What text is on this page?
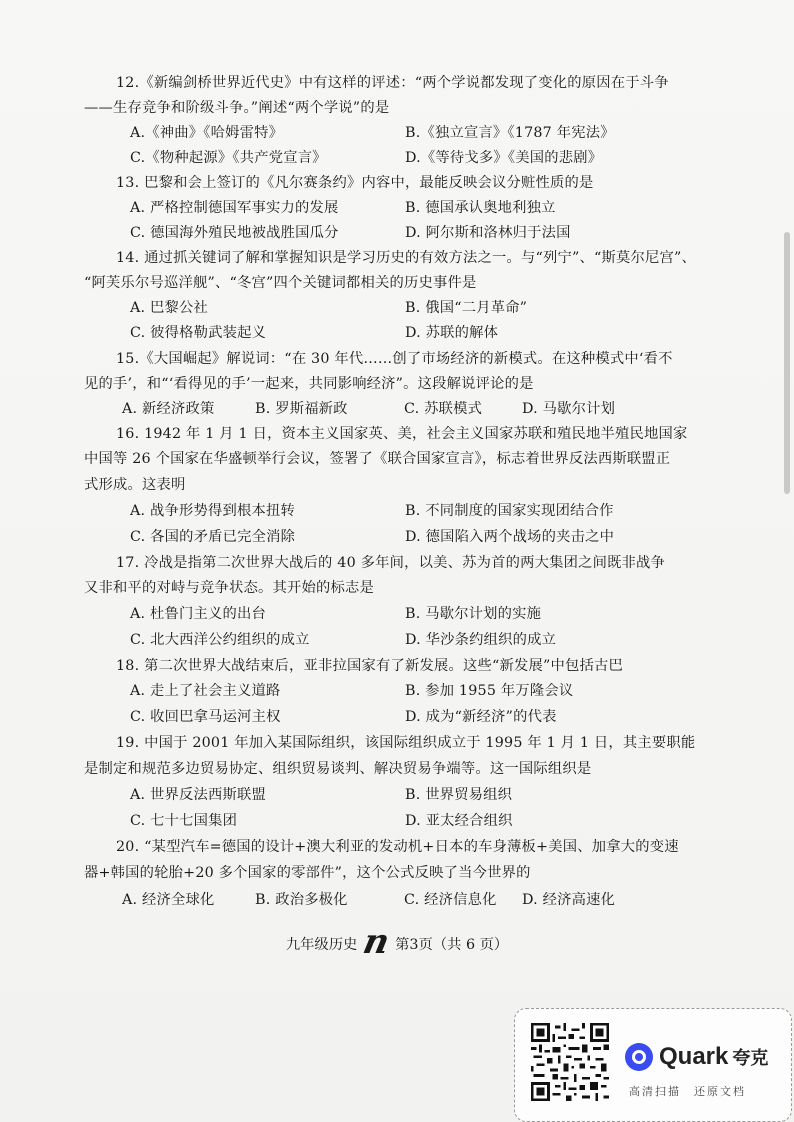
12.《新编剑桥世界近代史》中有这样的评述：“两个学说都发现了变化的原因在于斗争
——生存竞争和阶级斗争。”阐述“两个学说”的是
A.《神曲》《哈姆雷特》	B.《独立宣言》《1787 年宪法》
C.《物种起源》《共产党宣言》	D.《等待戈多》《美国的悲剧》
13. 巴黎和会上签订的《凡尔赛条约》内容中，最能反映会议分赃性质的是
A. 严格控制德国军事实力的发展	B. 德国承认奥地利独立
C. 德国海外殖民地被战胜国瓜分	D. 阿尔斯和洛林归于法国
14. 通过抓关键词了解和掌握知识是学习历史的有效方法之一。与“列宁”、“斯莫尔尼宫”、
“阿芙乐尔号巡洋舰”、“冬宫”四个关键词都相关的历史事件是
A. 巴黎公社	B. 俄国“二月革命”
C. 彼得格勒武装起义	D. 苏联的解体
15.《大国崛起》解说词：“在 30 年代……创了市场经济的新模式。在这种模式中‘看不
见的手’，和“‘看得见的手’一起来，共同影响经济”。这段解说评论的是
A. 新经济政策	B. 罗斯福新政	C. 苏联模式	D. 马歇尔计划
16. 1942 年 1 月 1 日，资本主义国家英、美，社会主义国家苏联和殖民地半殖民地国家
中国等 26 个国家在华盛顿举行会议，签署了《联合国家宣言》，标志着世界反法西斯联盟正
式形成。这表明
A. 战争形势得到根本扭转	B. 不同制度的国家实现团结合作
C. 各国的矛盾已完全消除	D. 德国陷入两个战场的夹击之中
17. 冷战是指第二次世界大战后的 40 多年间，以美、苏为首的两大集团之间既非战争
又非和平的对峙与竞争状态。其开始的标志是
A. 杜鲁门主义的出台	B. 马歇尔计划的实施
C. 北大西洋公约组织的成立	D. 华沙条约组织的成立
18. 第二次世界大战结束后，亚非拉国家有了新发展。这些“新发展”中包括古巴
A. 走上了社会主义道路	B. 参加 1955 年万隆会议
C. 收回巴拿马运河主权	D. 成为“新经济”的代表
19. 中国于 2001 年加入某国际组织，该国际组织成立于 1995 年 1 月 1 日，其主要职能
是制定和规范多边贸易协定、组织贸易谈判、解决贸易争端等。这一国际组织是
A. 世界反法西斯联盟	B. 世界贸易组织
C. 七十七国集团	D. 亚太经合组织
20. “某型汽车=德国的设计+澳大利亚的发动机+日本的车身薄板+美国、加拿大的变速
器+韩国的轮胎+20 多个国家的零部件”，这个公式反映了当今世界的
A. 经济全球化	B. 政治多极化	C. 经济信息化 D. 经济高速化
九年级历史 n 第3页（共 6 页）
Quark 夸克
高清扫描　还原文档
